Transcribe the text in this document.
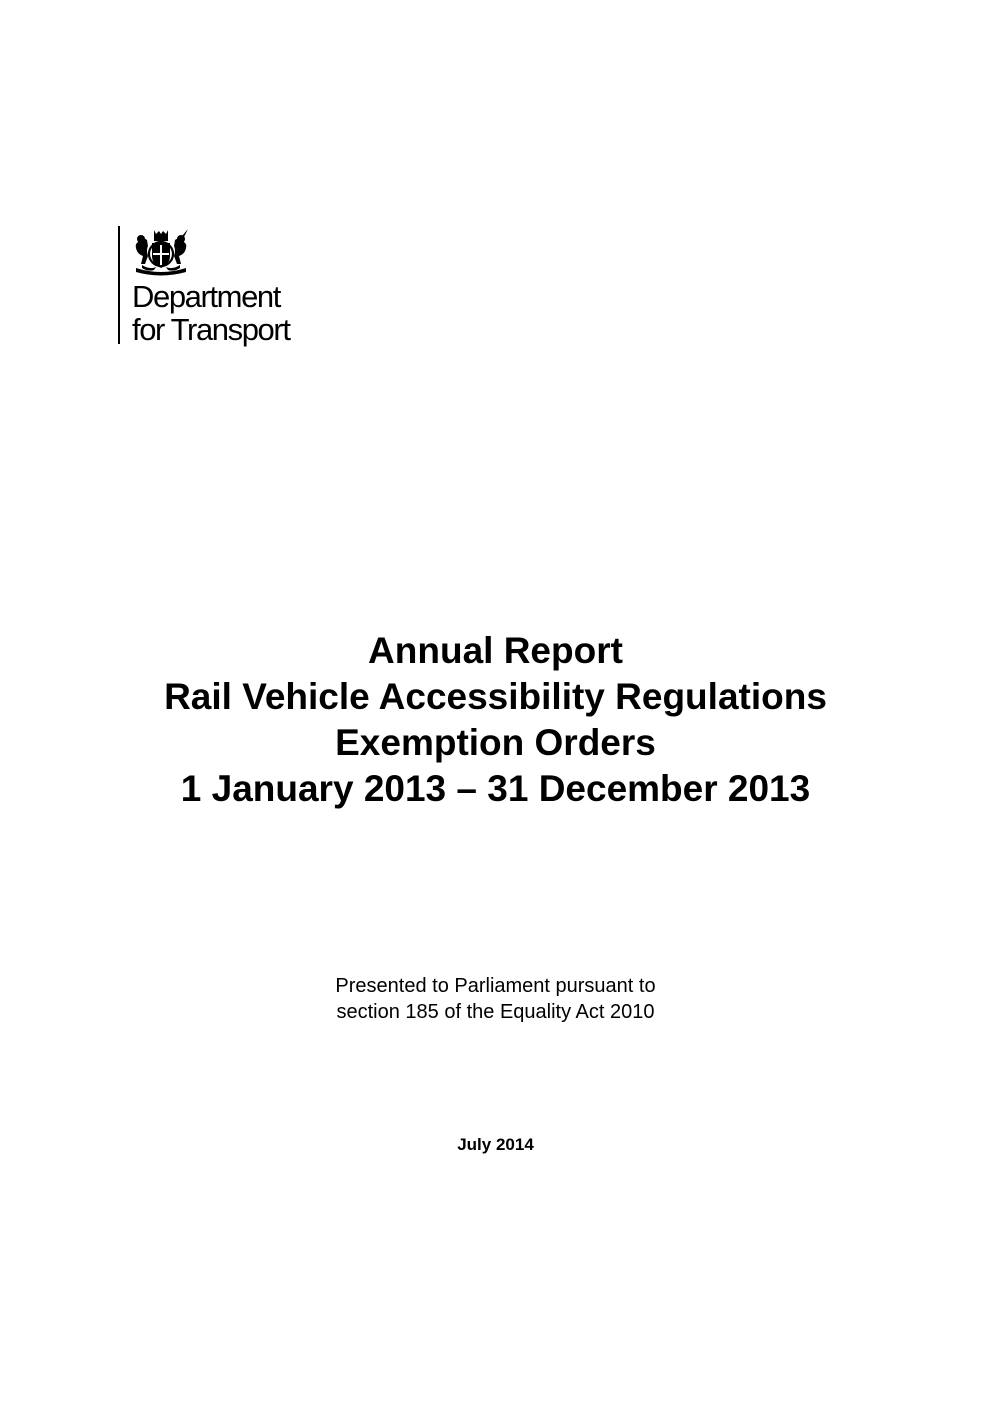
Department
for Transport
Annual Report
Rail Vehicle Accessibility Regulations
Exemption Orders
1 January 2013 – 31 December 2013
Presented to Parliament pursuant to
section 185 of the Equality Act 2010
July 2014
